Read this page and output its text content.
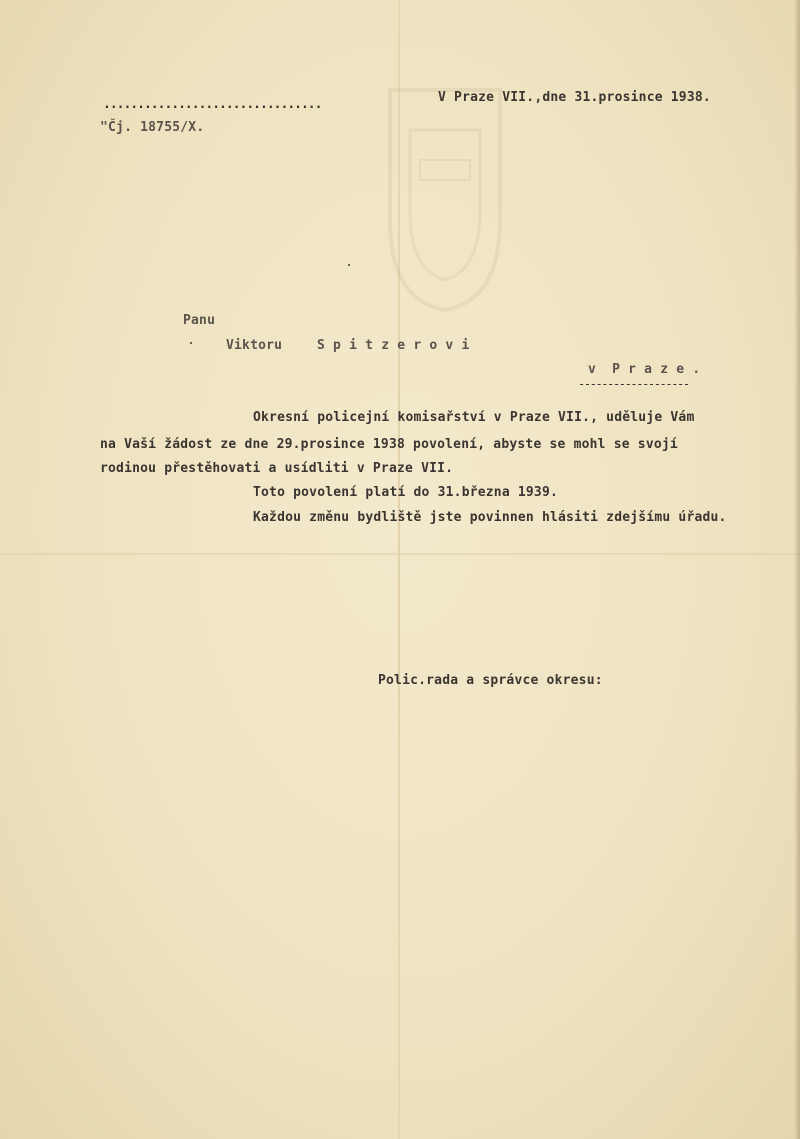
................................	V Praze VII.,dne 31.prosince 1938.
"Čj. 18755/X.
Panu
Viktoru	S p i t z e r o v i
v  P r a z e .
-------------------
Okresní policejní komisařství v Praze VII., uděluje Vám
na Vaší žádost ze dne 29.prosince 1938 povolení, abyste se mohl se svojí
rodinou přestěhovati a usídliti v Praze VII.
Toto povolení platí do 31.března 1939.
Každou změnu bydliště jste povinnen hlásiti zdejšímu úřadu.
Polic.rada a správce okresu:
